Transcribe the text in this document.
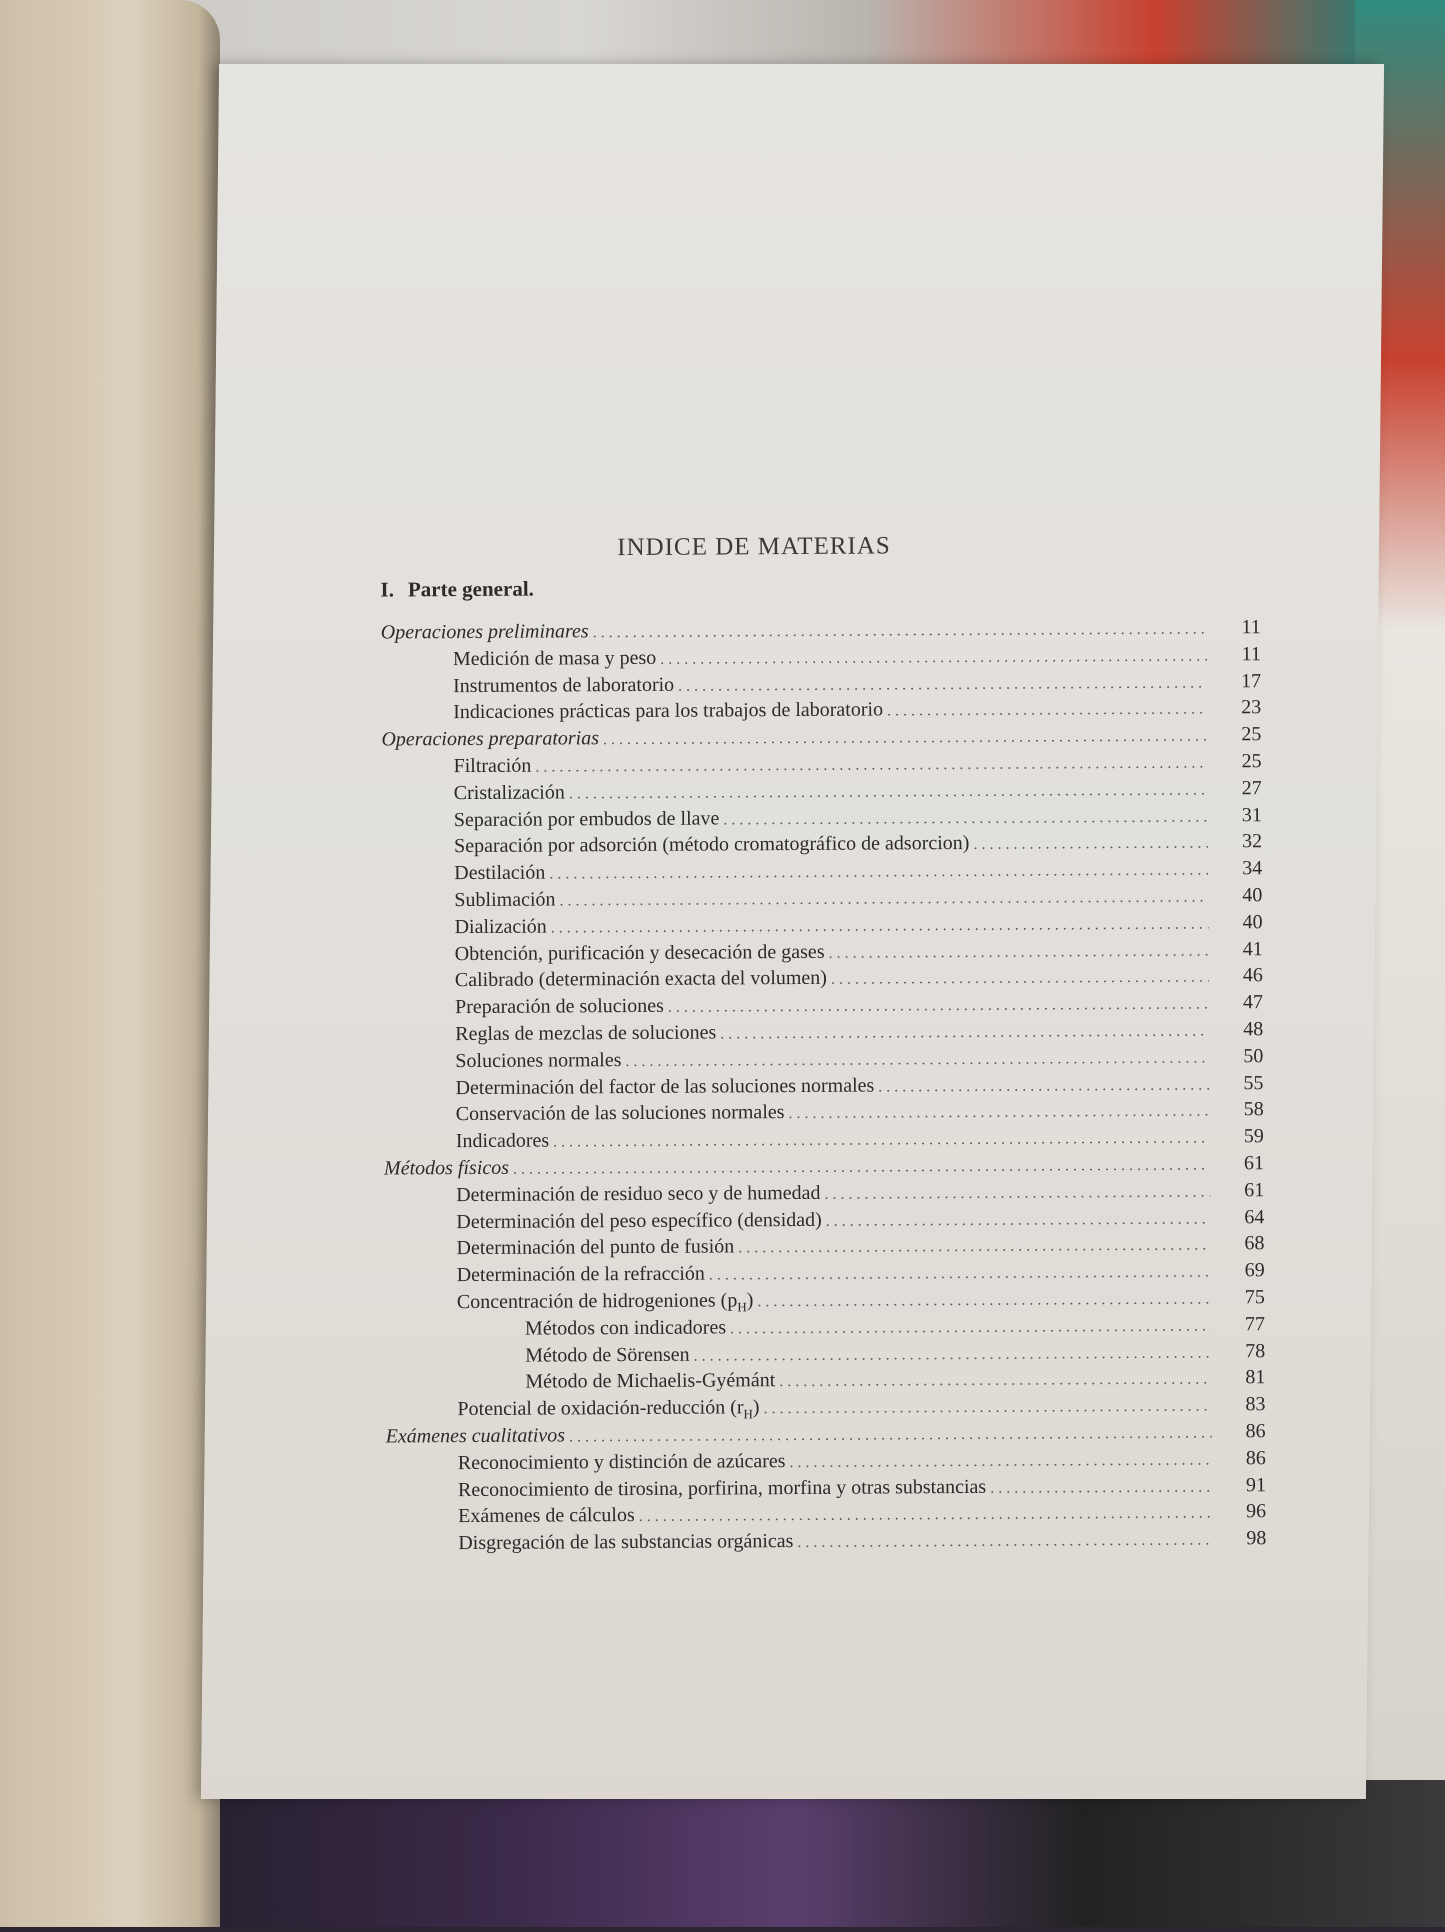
INDICE DE MATERIAS
I. Parte general.
Operaciones preliminares .....	11
Medición de masa y peso .....	11
Instrumentos de laboratorio .....	17
Indicaciones prácticas para los trabajos de laboratorio .....	23
Operaciones preparatorias .....	25
Filtración .....	25
Cristalización .....	27
Separación por embudos de llave .....	31
Separación por adsorción (método cromatográfico de adsorcion) .....	32
Destilación .....	34
Sublimación .....	40
Dialización .....	40
Obtención, purificación y desecación de gases .....	41
Calibrado (determinación exacta del volumen) .....	46
Preparación de soluciones .....	47
Reglas de mezclas de soluciones .....	48
Soluciones normales .....	50
Determinación del factor de las soluciones normales .....	55
Conservación de las soluciones normales .....	58
Indicadores .....	59
Métodos físicos .....	61
Determinación de residuo seco y de humedad .....	61
Determinación del peso específico (densidad) .....	64
Determinación del punto de fusión .....	68
Determinación de la refracción .....	69
Concentración de hidrogeniones $(p_H)$ .....	75
Métodos con indicadores .....	77
Método de Sörensen .....	78
Método de Michaelis-Gyémánt .....	81
Potencial de oxidación-reducción $(r_H)$ .....	83
Exámenes cualitativos .....	86
Reconocimiento y distinción de azúcares .....	86
Reconocimiento de tirosina, porfirina, morfina y otras substancias .....	91
Exámenes de cálculos .....	96
Disgregación de las substancias orgánicas .....	98
